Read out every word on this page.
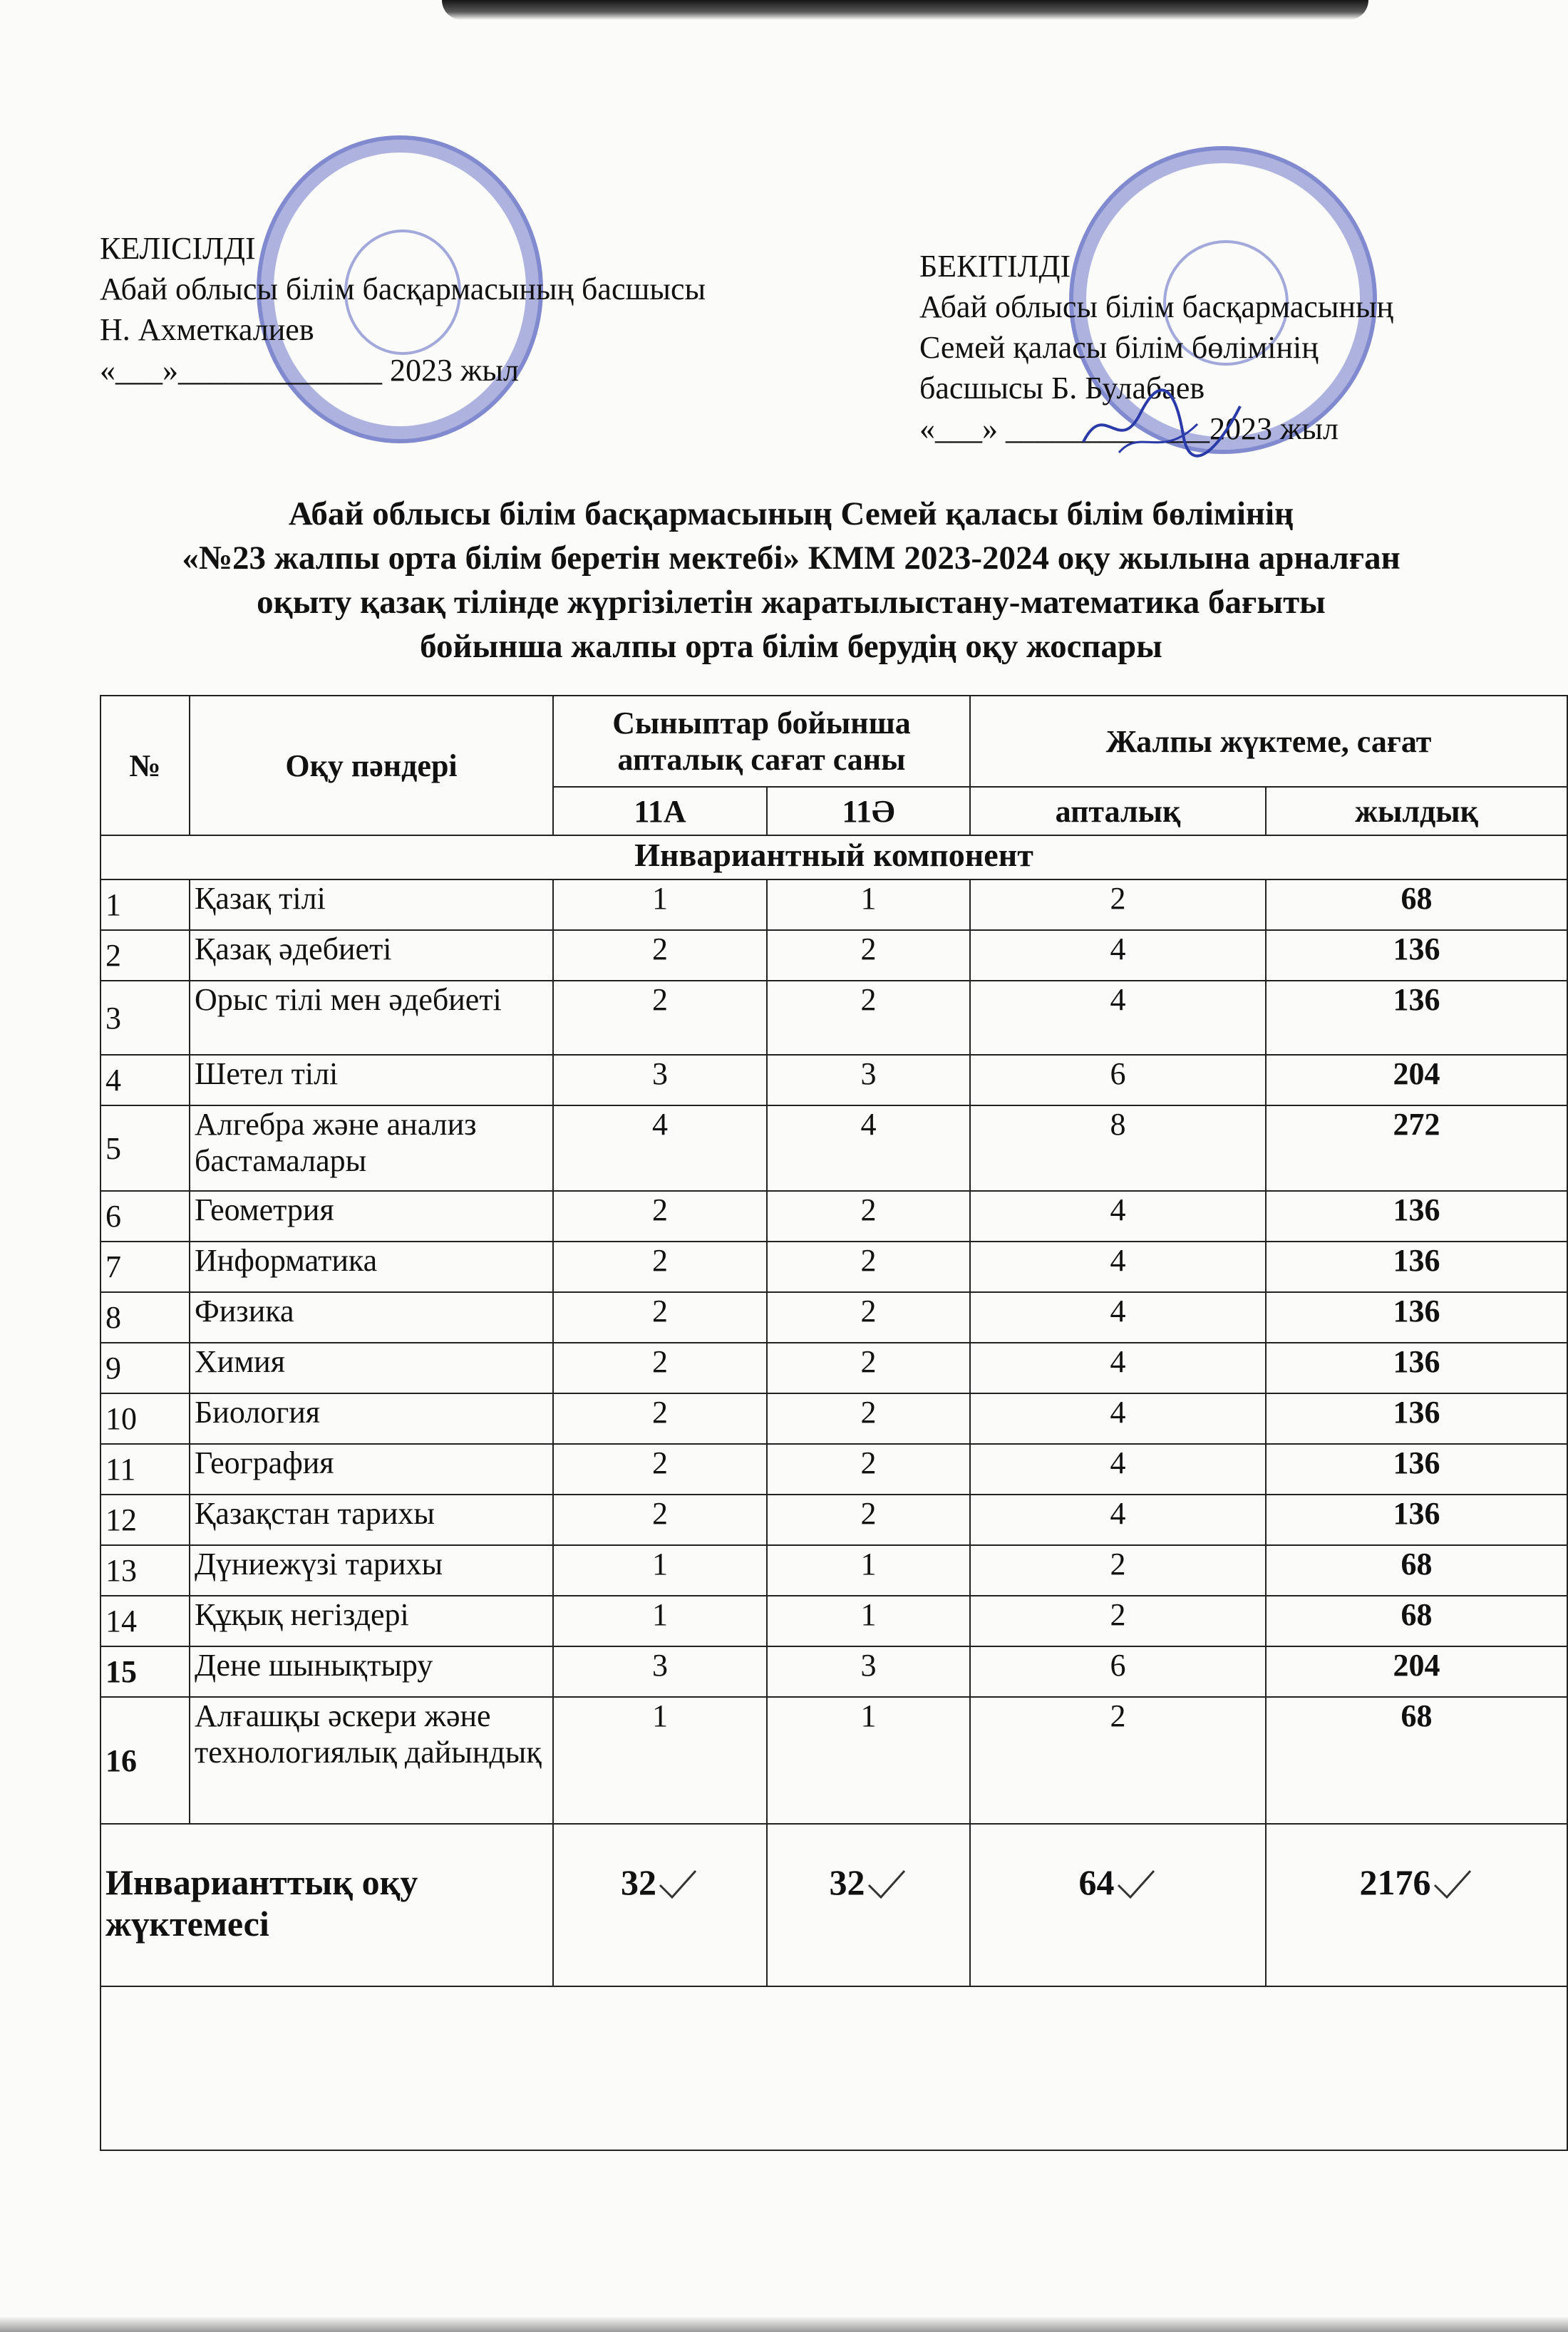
КЕЛІСІЛДІ
Абай облысы білім басқармасының басшысы
Н. Ахметкалиев
«___»_____________ 2023 жыл
БЕКІТІЛДІ
Абай облысы білім басқармасының
Семей қаласы білім бөлімінің
басшысы Б. Булабаев
«___» _____________2023 жыл
Абай облысы білім басқармасының Семей қаласы білім бөлімінің
«№23 жалпы орта білім беретін мектебі» КММ 2023-2024 оқу жылына арналған
оқыту қазақ тілінде жүргізілетін жаратылыстану-математика бағыты
бойынша жалпы орта білім берудің оқу жоспары
№	Оқу пәндері	Сыныптар бойынша апталық сағат саны		Жалпы жүктеме, сағат	
		11А	11Ә	апталық	жылдық
Инвариантный компонент					
1	Қазақ тілі	1	1	2	68
2	Қазақ әдебиеті	2	2	4	136
3	Орыс тілі мен әдебиеті	2	2	4	136
4	Шетел тілі	3	3	6	204
5	Алгебра және анализ бастамалары	4	4	8	272
6	Геометрия	2	2	4	136
7	Информатика	2	2	4	136
8	Физика	2	2	4	136
9	Химия	2	2	4	136
10	Биология	2	2	4	136
11	География	2	2	4	136
12	Қазақстан тарихы	2	2	4	136
13	Дүниежүзі тарихы	1	1	2	68
14	Құқық негіздері	1	1	2	68
15	Дене шынықтыру	3	3	6	204
16	Алғашқы әскери және технологиялық дайындық	1	1	2	68
Инварианттық оқу жүктемесі		32	32	64	2176
